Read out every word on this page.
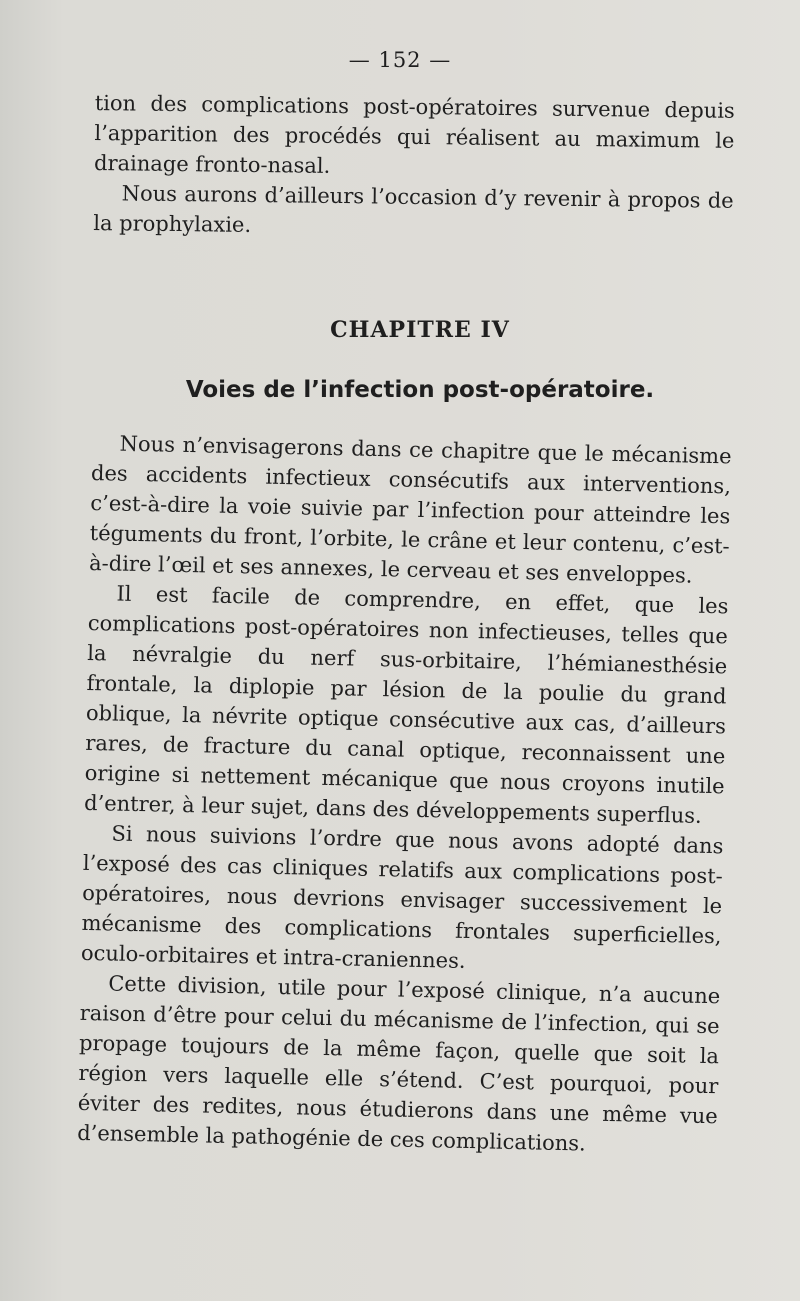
— 152 —

tion des complications post-opératoires survenue depuis l’apparition des procédés qui réalisent au maximum le drainage fronto-nasal.

Nous aurons d’ailleurs l’occasion d’y revenir à propos de la prophylaxie.

CHAPITRE IV
Voies de l’infection post-opératoire.

Nous n’envisagerons dans ce chapitre que le mécanisme des accidents infectieux consécutifs aux interventions, c’est-à-dire la voie suivie par l’infection pour atteindre les téguments du front, l’orbite, le crâne et leur contenu, c’est-à-dire l’œil et ses annexes, le cerveau et ses enveloppes.

Il est facile de comprendre, en effet, que les complications post-opératoires non infectieuses, telles que la névralgie du nerf sus-orbitaire, l’hémianesthésie frontale, la diplopie par lésion de la poulie du grand oblique, la névrite optique consécutive aux cas, d’ailleurs rares, de fracture du canal optique, reconnaissent une origine si nettement mécanique que nous croyons inutile d’entrer, à leur sujet, dans des développements superflus.

Si nous suivions l’ordre que nous avons adopté dans l’exposé des cas cliniques relatifs aux complications post-opératoires, nous devrions envisager successivement le mécanisme des complications frontales superficielles, oculo-orbitaires et intra-craniennes.

Cette division, utile pour l’exposé clinique, n’a aucune raison d’être pour celui du mécanisme de l’infection, qui se propage toujours de la même façon, quelle que soit la région vers laquelle elle s’étend. C’est pourquoi, pour éviter des redites, nous étudierons dans une même vue d’ensemble la pathogénie de ces complications.
